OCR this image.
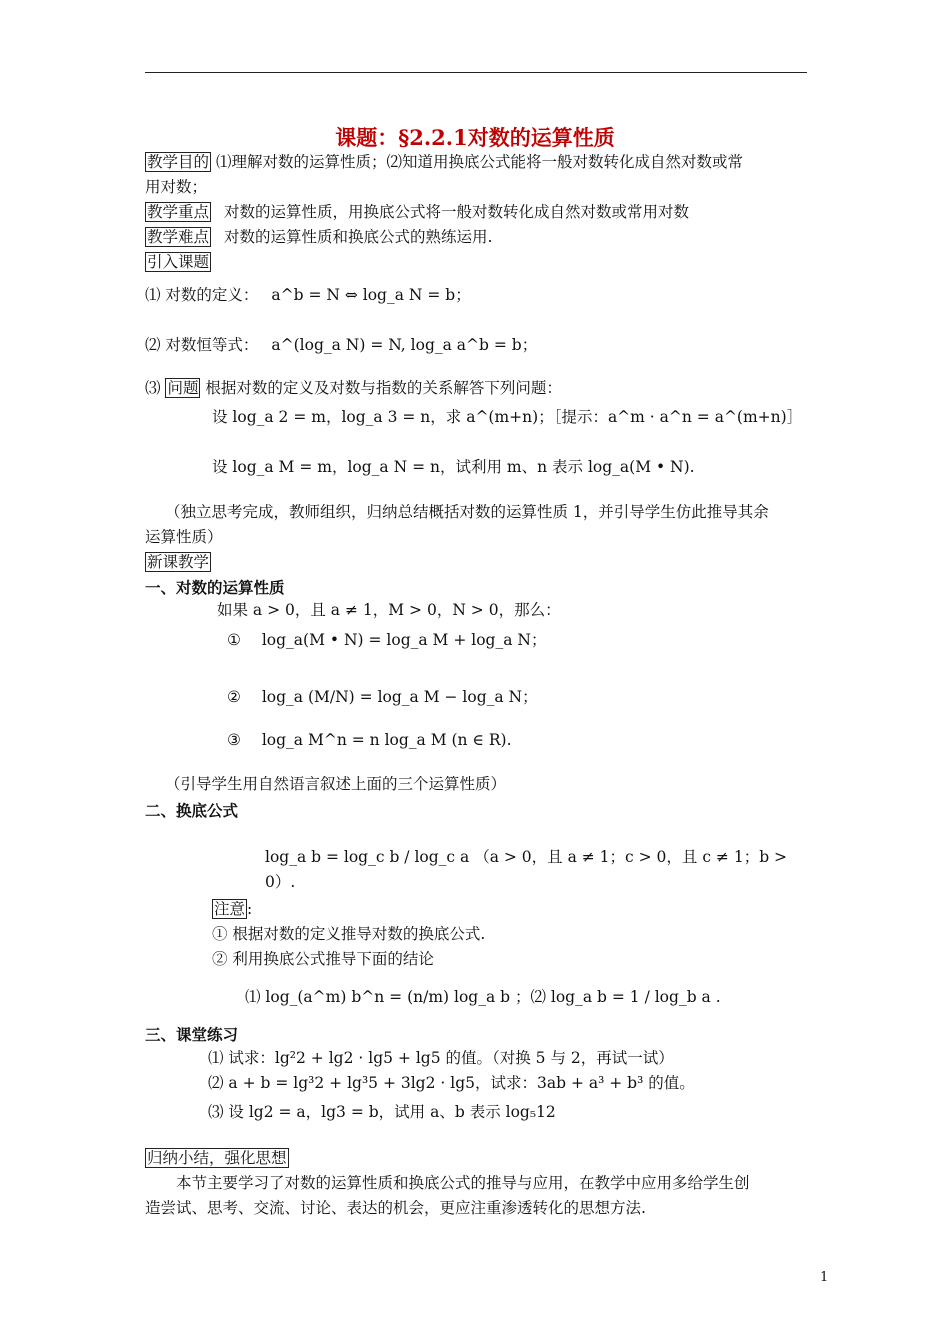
课题：§2.2.1对数的运算性质
教学目的 ⑴理解对数的运算性质；⑵知道用换底公式能将一般对数转化成自然对数或常
用对数；
教学重点 对数的运算性质，用换底公式将一般对数转化成自然对数或常用对数
教学难点 对数的运算性质和换底公式的熟练运用.
引入课题
⑴ 对数的定义： a^b = N ⇔ log_a N = b；
⑵ 对数恒等式： a^(log_a N) = N, log_a a^b = b；
⑶ 问题 根据对数的定义及对数与指数的关系解答下列问题：
设 log_a 2 = m，log_a 3 = n，求 a^(m+n)；［提示：a^m · a^n = a^(m+n)］
设 log_a M = m，log_a N = n，试利用 m、n 表示 log_a(M • N).
（独立思考完成，教师组织，归纳总结概括对数的运算性质 1，并引导学生仿此推导其余
运算性质）
新课教学
一、对数的运算性质
如果 a > 0，且 a ≠ 1，M > 0，N > 0，那么：
① log_a(M • N) = log_a M + log_a N；
② log_a (M/N) = log_a M − log_a N；
③ log_a M^n = n log_a M (n ∈ R).
（引导学生用自然语言叙述上面的三个运算性质）
二、换底公式
log_a b = log_c b / log_c a （a > 0，且 a ≠ 1；c > 0，且 c ≠ 1；b > 0）.
注意 :
① 根据对数的定义推导对数的换底公式.
② 利用换底公式推导下面的结论
⑴ log_(a^m) b^n = (n/m) log_a b ；⑵ log_a b = 1 / log_b a .
三、课堂练习
⑴ 试求：lg²2 + lg2 · lg5 + lg5 的值。（对换 5 与 2，再试一试）
⑵ a + b = lg³2 + lg³5 + 3lg2 · lg5，试求：3ab + a³ + b³ 的值。
⑶ 设 lg2 = a，lg3 = b，试用 a、b 表示 log₅12
归纳小结，强化思想
本节主要学习了对数的运算性质和换底公式的推导与应用，在教学中应用多给学生创
造尝试、思考、交流、讨论、表达的机会，更应注重渗透转化的思想方法.
1
